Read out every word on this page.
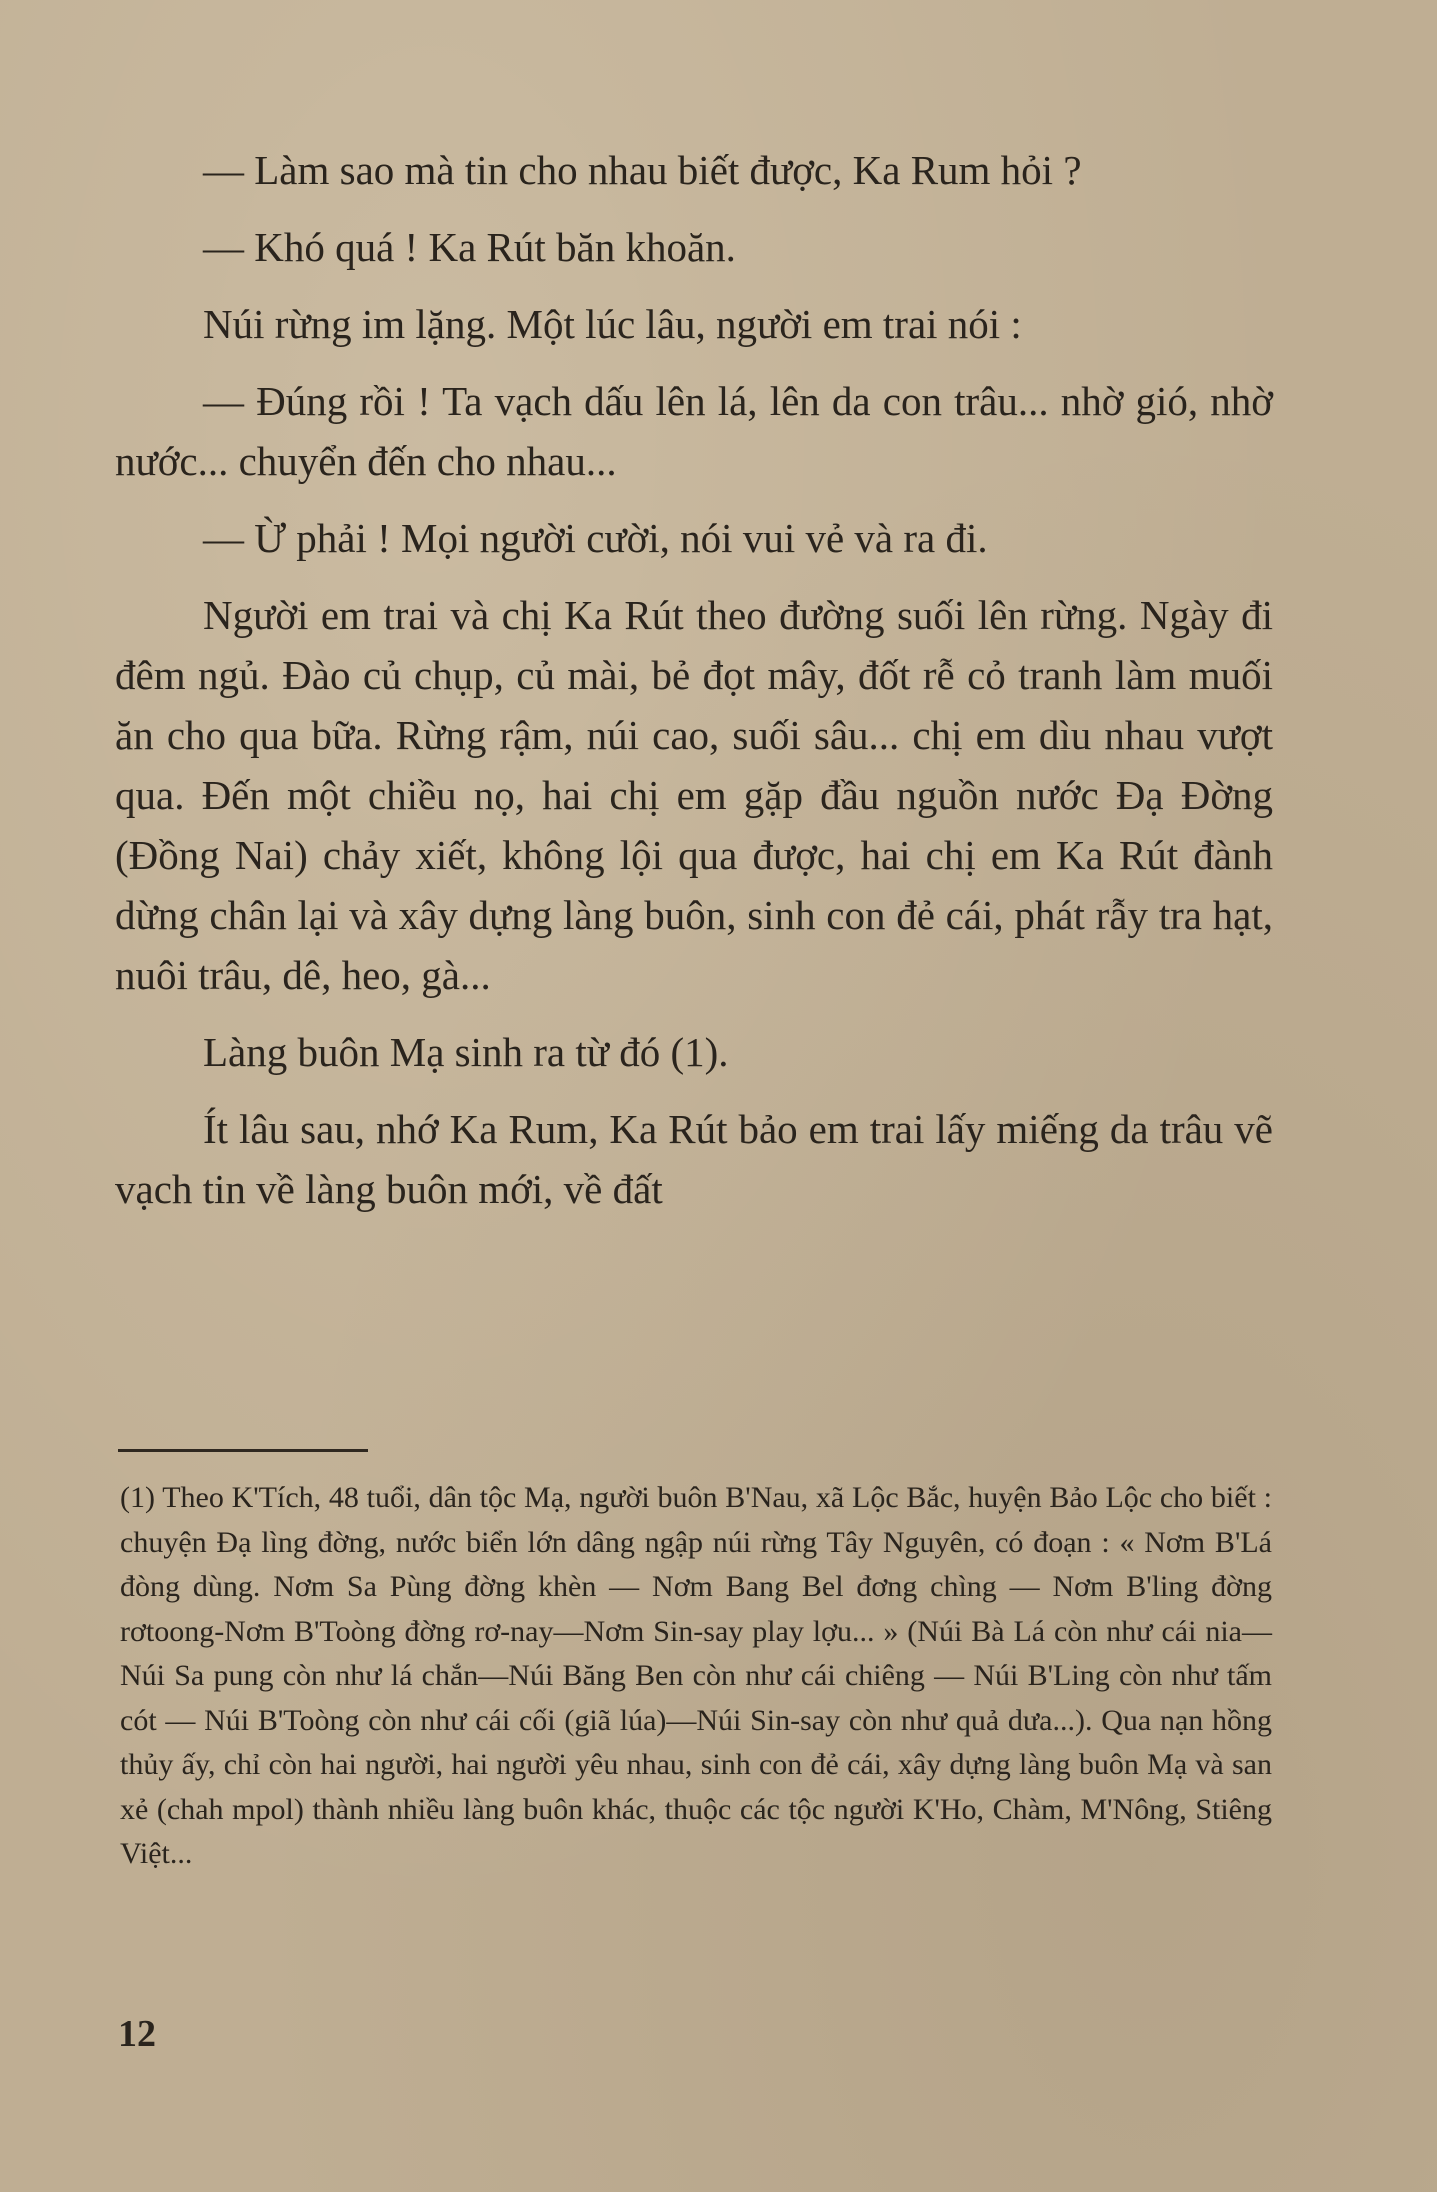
— Làm sao mà tin cho nhau biết được, Ka Rum hỏi ?

— Khó quá ! Ka Rút băn khoăn.

Núi rừng im lặng. Một lúc lâu, người em trai nói :

— Đúng rồi ! Ta vạch dấu lên lá, lên da con trâu... nhờ gió, nhờ nước... chuyển đến cho nhau...

— Ừ phải ! Mọi người cười, nói vui vẻ và ra đi.

Người em trai và chị Ka Rút theo đường suối lên rừng. Ngày đi đêm ngủ. Đào củ chụp, củ mài, bẻ đọt mây, đốt rễ cỏ tranh làm muối ăn cho qua bữa. Rừng rậm, núi cao, suối sâu... chị em dìu nhau vượt qua. Đến một chiều nọ, hai chị em gặp đầu nguồn nước Đạ Đờng (Đồng Nai) chảy xiết, không lội qua được, hai chị em Ka Rút đành dừng chân lại và xây dựng làng buôn, sinh con đẻ cái, phát rẫy tra hạt, nuôi trâu, dê, heo, gà...

Làng buôn Mạ sinh ra từ đó (1).

Ít lâu sau, nhớ Ka Rum, Ka Rút bảo em trai lấy miếng da trâu vẽ vạch tin về làng buôn mới, về đất

(1) Theo K'Tích, 48 tuổi, dân tộc Mạ, người buôn B'Nau, xã Lộc Bắc, huyện Bảo Lộc cho biết : chuyện Đạ lìng đờng, nước biển lớn dâng ngập núi rừng Tây Nguyên, có đoạn : « Nơm B'Lá đòng dùng. Nơm Sa Pùng đờng khèn — Nơm Bang Bel đơng chìng — Nơm B'ling đờng rơtoong-Nơm B'Toòng đờng rơ-nay—Nơm Sin-say play lợu... » (Núi Bà Lá còn như cái nia—Núi Sa pung còn như lá chắn—Núi Băng Ben còn như cái chiêng — Núi B'Ling còn như tấm cót — Núi B'Toòng còn như cái cối (giã lúa)—Núi Sin-say còn như quả dưa...). Qua nạn hồng thủy ấy, chỉ còn hai người, hai người yêu nhau, sinh con đẻ cái, xây dựng làng buôn Mạ và san xẻ (chah mpol) thành nhiều làng buôn khác, thuộc các tộc người K'Ho, Chàm, M'Nông, Stiêng Việt...

12
